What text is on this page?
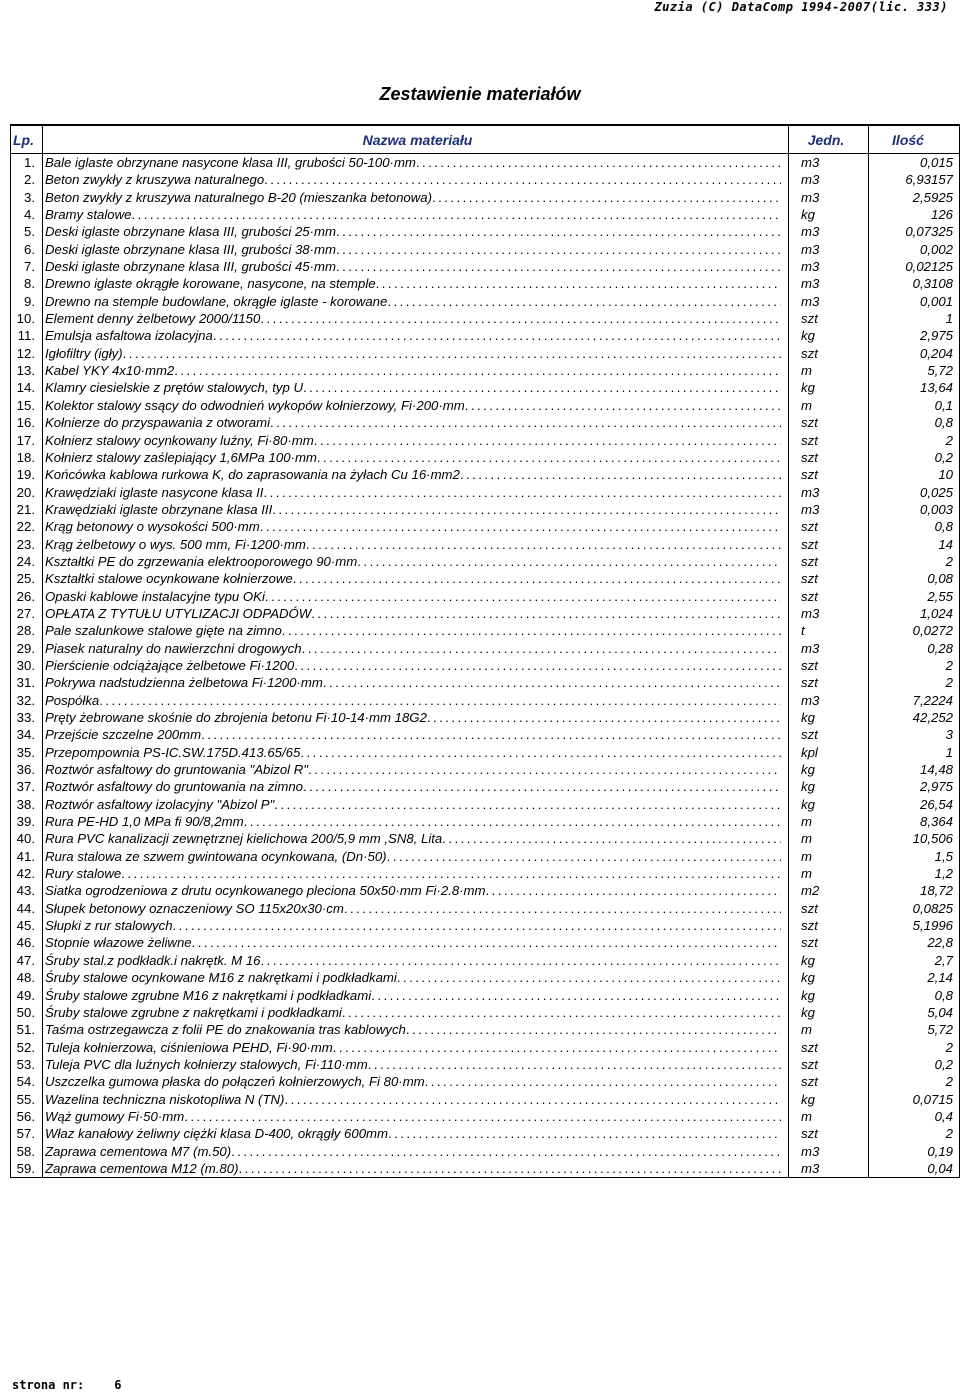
Zuzia (C) DataComp 1994-2007(lic. 333)
Zestawienie materiałów
Lp.	Nazwa materiału	Jedn.	Ilość
1. Bale iglaste obrzynane nasycone klasa III, grubości 50-100·mm . . .	m3	0,015
2. Beton zwykły z kruszywa naturalnego . . .	m3	6,93157
3. Beton zwykły z kruszywa naturalnego B-20 (mieszanka betonowa) . . .	m3	2,5925
4. Bramy stalowe . . .	kg	126
5. Deski iglaste obrzynane klasa III, grubości 25·mm . . .	m3	0,07325
6. Deski iglaste obrzynane klasa III, grubości 38·mm . . .	m3	0,002
7. Deski iglaste obrzynane klasa III, grubości 45·mm . . .	m3	0,02125
8. Drewno iglaste okrągłe korowane, nasycone, na stemple . . .	m3	0,3108
9. Drewno na stemple budowlane, okrągłe iglaste - korowane . . .	m3	0,001
10. Element denny żelbetowy 2000/1150 . . .	szt	1
11. Emulsja asfaltowa izolacyjna . . .	kg	2,975
12. Igłofiltry (igły) . . .	szt	0,204
13. Kabel YKY 4x10·mm2 . . .	m	5,72
14. Klamry ciesielskie z prętów stalowych, typ U . . .	kg	13,64
15. Kolektor stalowy ssący do odwodnień wykopów kołnierzowy, Fi·200·mm . . .	m	0,1
16. Kołnierze do przyspawania z otworami . . .	szt	0,8
17. Kołnierz stalowy ocynkowany luźny, Fi·80·mm . . .	szt	2
18. Kołnierz stalowy zaślepiający 1,6MPa 100·mm . . .	szt	0,2
19. Końcówka kablowa rurkowa K, do zaprasowania na żyłach Cu 16·mm2 . . .	szt	10
20. Krawędziaki iglaste nasycone klasa II . . .	m3	0,025
21. Krawędziaki iglaste obrzynane klasa III . . .	m3	0,003
22. Krąg betonowy o wysokości 500·mm . . .	szt	0,8
23. Krąg żelbetowy o wys. 500 mm, Fi·1200·mm . . .	szt	14
24. Kształtki PE do zgrzewania elektrooporowego 90·mm . . .	szt	2
25. Kształtki stalowe ocynkowane kołnierzowe . . .	szt	0,08
26. Opaski kablowe instalacyjne typu OKi . . .	szt	2,55
27. OPŁATA Z TYTUŁU UTYLIZACJI ODPADÓW . . .	m3	1,024
28. Pale szalunkowe stalowe gięte na zimno . . .	t	0,0272
29. Piasek naturalny do nawierzchni drogowych . . .	m3	0,28
30. Pierścienie odciążające żelbetowe Fi·1200 . . .	szt	2
31. Pokrywa nadstudzienna żelbetowa Fi·1200·mm . . .	szt	2
32. Pospółka . . .	m3	7,2224
33. Pręty żebrowane skośnie do zbrojenia betonu Fi·10-14·mm 18G2 . . .	kg	42,252
34. Przejście szczelne 200mm . . .	szt	3
35. Przepompownia PS-IC.SW.175D.413.65/65 . . .	kpl	1
36. Roztwór asfaltowy do gruntowania "Abizol R" . . .	kg	14,48
37. Roztwór asfaltowy do gruntowania na zimno . . .	kg	2,975
38. Roztwór asfaltowy izolacyjny "Abizol P" . . .	kg	26,54
39. Rura PE-HD 1,0 MPa fi 90/8,2mm . . .	m	8,364
40. Rura PVC kanalizacji zewnętrznej kielichowa 200/5,9 mm ,SN8, Lita . . .	m	10,506
41. Rura stalowa ze szwem gwintowana ocynkowana, (Dn·50) . . .	m	1,5
42. Rury stalowe . . .	m	1,2
43. Siatka ogrodzeniowa z drutu ocynkowanego pleciona 50x50·mm Fi·2.8·mm . . .	m2	18,72
44. Słupek betonowy oznaczeniowy SO 115x20x30·cm . . .	szt	0,0825
45. Słupki z rur stalowych . . .	szt	5,1996
46. Stopnie włazowe żeliwne . . .	szt	22,8
47. Śruby stal.z podkładk.i nakrętk. M 16 . . .	kg	2,7
48. Śruby stalowe ocynkowane M16 z nakrętkami i podkładkami . . .	kg	2,14
49. Śruby stalowe zgrubne M16 z nakrętkami i podkładkami . . .	kg	0,8
50. Śruby stalowe zgrubne z nakrętkami i podkładkami . . .	kg	5,04
51. Taśma ostrzegawcza z folii PE do znakowania tras kablowych . . .	m	5,72
52. Tuleja kołnierzowa, ciśnieniowa PEHD, Fi·90·mm . . .	szt	2
53. Tuleja PVC dla luźnych kołnierzy stalowych, Fi·110·mm . . .	szt	0,2
54. Uszczelka gumowa płaska do połączeń kołnierzowych, Fi 80·mm . . .	szt	2
55. Wazelina techniczna niskotopliwa N (TN) . . .	kg	0,0715
56. Wąż gumowy Fi·50·mm . . .	m	0,4
57. Właz kanałowy żeliwny ciężki klasa D-400, okrągły 600mm . . .	szt	2
58. Zaprawa cementowa M7 (m.50) . . .	m3	0,19
59. Zaprawa cementowa M12 (m.80) . . .	m3	0,04
strona nr:	6
